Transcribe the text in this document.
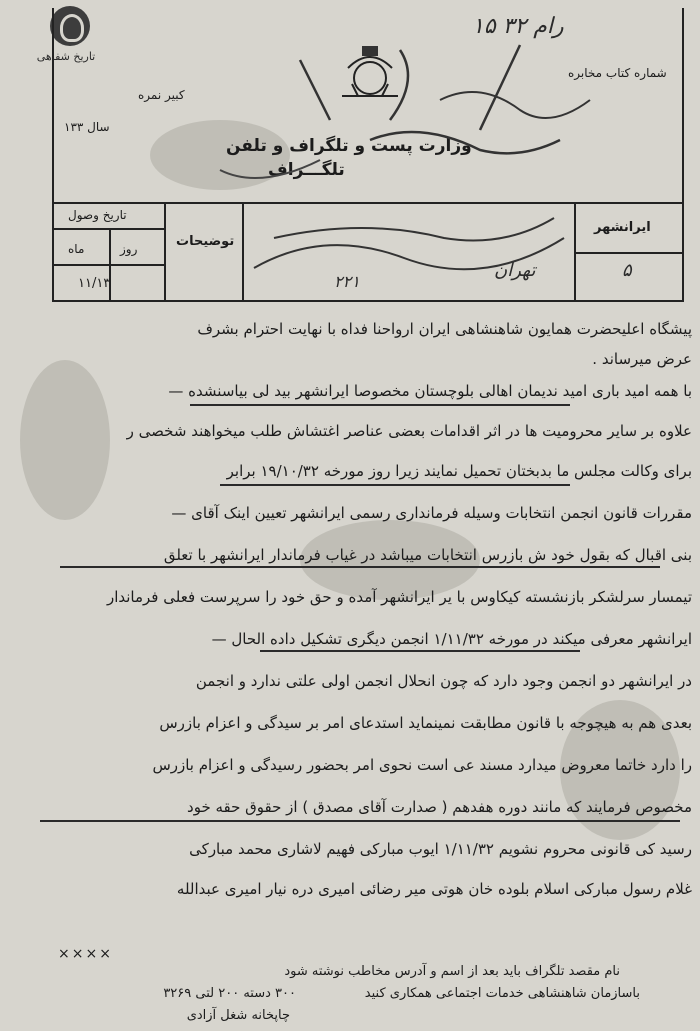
تاریخ شفاهی
شماره کتاب مخابره
۱۵ رام ۳۲
کبیر نمره
سال ۱۳۳
وزارت پست و تلگراف و تلفن
تلگـــراف
تاریخ وصول
روز
ماه
۱۱/۱۳
توضیحات
ایرانشهر
۵
۲۲۱
تهران
پیشگاه اعلیحضرت همایون شاهنشاهی ایران ارواحنا فداه با نهایت احترام بشرف
عرض میرساند .
با همه امید باری امید ندیمان اهالی بلوچستان مخصوصا ایرانشهر بید لی بیاسنشده —
علاوه بر سایر محرومیت ها در اثر اقدامات بعضی عناصر اغتشاش طلب میخواهند شخصی ر
برای وکالت مجلس ما بدبختان تحمیل نمایند زیرا روز مورخه ۱۹/۱۰/۳۲ برابر
مقررات قانون انجمن انتخابات وسیله فرمانداری رسمی ایرانشهر تعیین اینک آقای —
بنی اقبال که بقول خود ش بازرس انتخابات میباشد در غیاب فرماندار ایرانشهر با تعلق
تیمسار سرلشکر بازنشسته کیکاوس با یر ایرانشهر آمده و حق خود را سرپرست فعلی فرماندار
ایرانشهر معرفی میکند در مورخه ۱/۱۱/۳۲ انجمن دیگری تشکیل داده الحال —
در ایرانشهر دو انجمن وجود دارد که چون انحلال انجمن اولی علتی ندارد و انجمن
بعدی هم به هیچوجه با قانون مطابقت نمینماید استدعای امر بر سیدگی و اعزام بازرس
را دارد خاتما معروض میدارد مسند عی است نحوی امر بحضور رسیدگی و اعزام بازرس
مخصوص فرمایند که مانند دوره هفدهم ( صدارت آقای مصدق ) از حقوق حقه خود
رسید کی قانونی محروم نشویم ۱/۱۱/۳۲ ایوب مبارکی فهیم لاشاری محمد مبارکی
غلام رسول مبارکی اسلام بلوده خان هوتی میر رضائی امیری دره نیار امیری عبدالله
××××
نام مقصد تلگراف باید بعد از اسم و آدرس مخاطب نوشته شود
باسازمان شاهنشاهی خدمات اجتماعی همکاری کنید
۳۰۰ دسته ۲۰۰ لتی ۳۲۶۹
چاپخانه شغل آزادی
